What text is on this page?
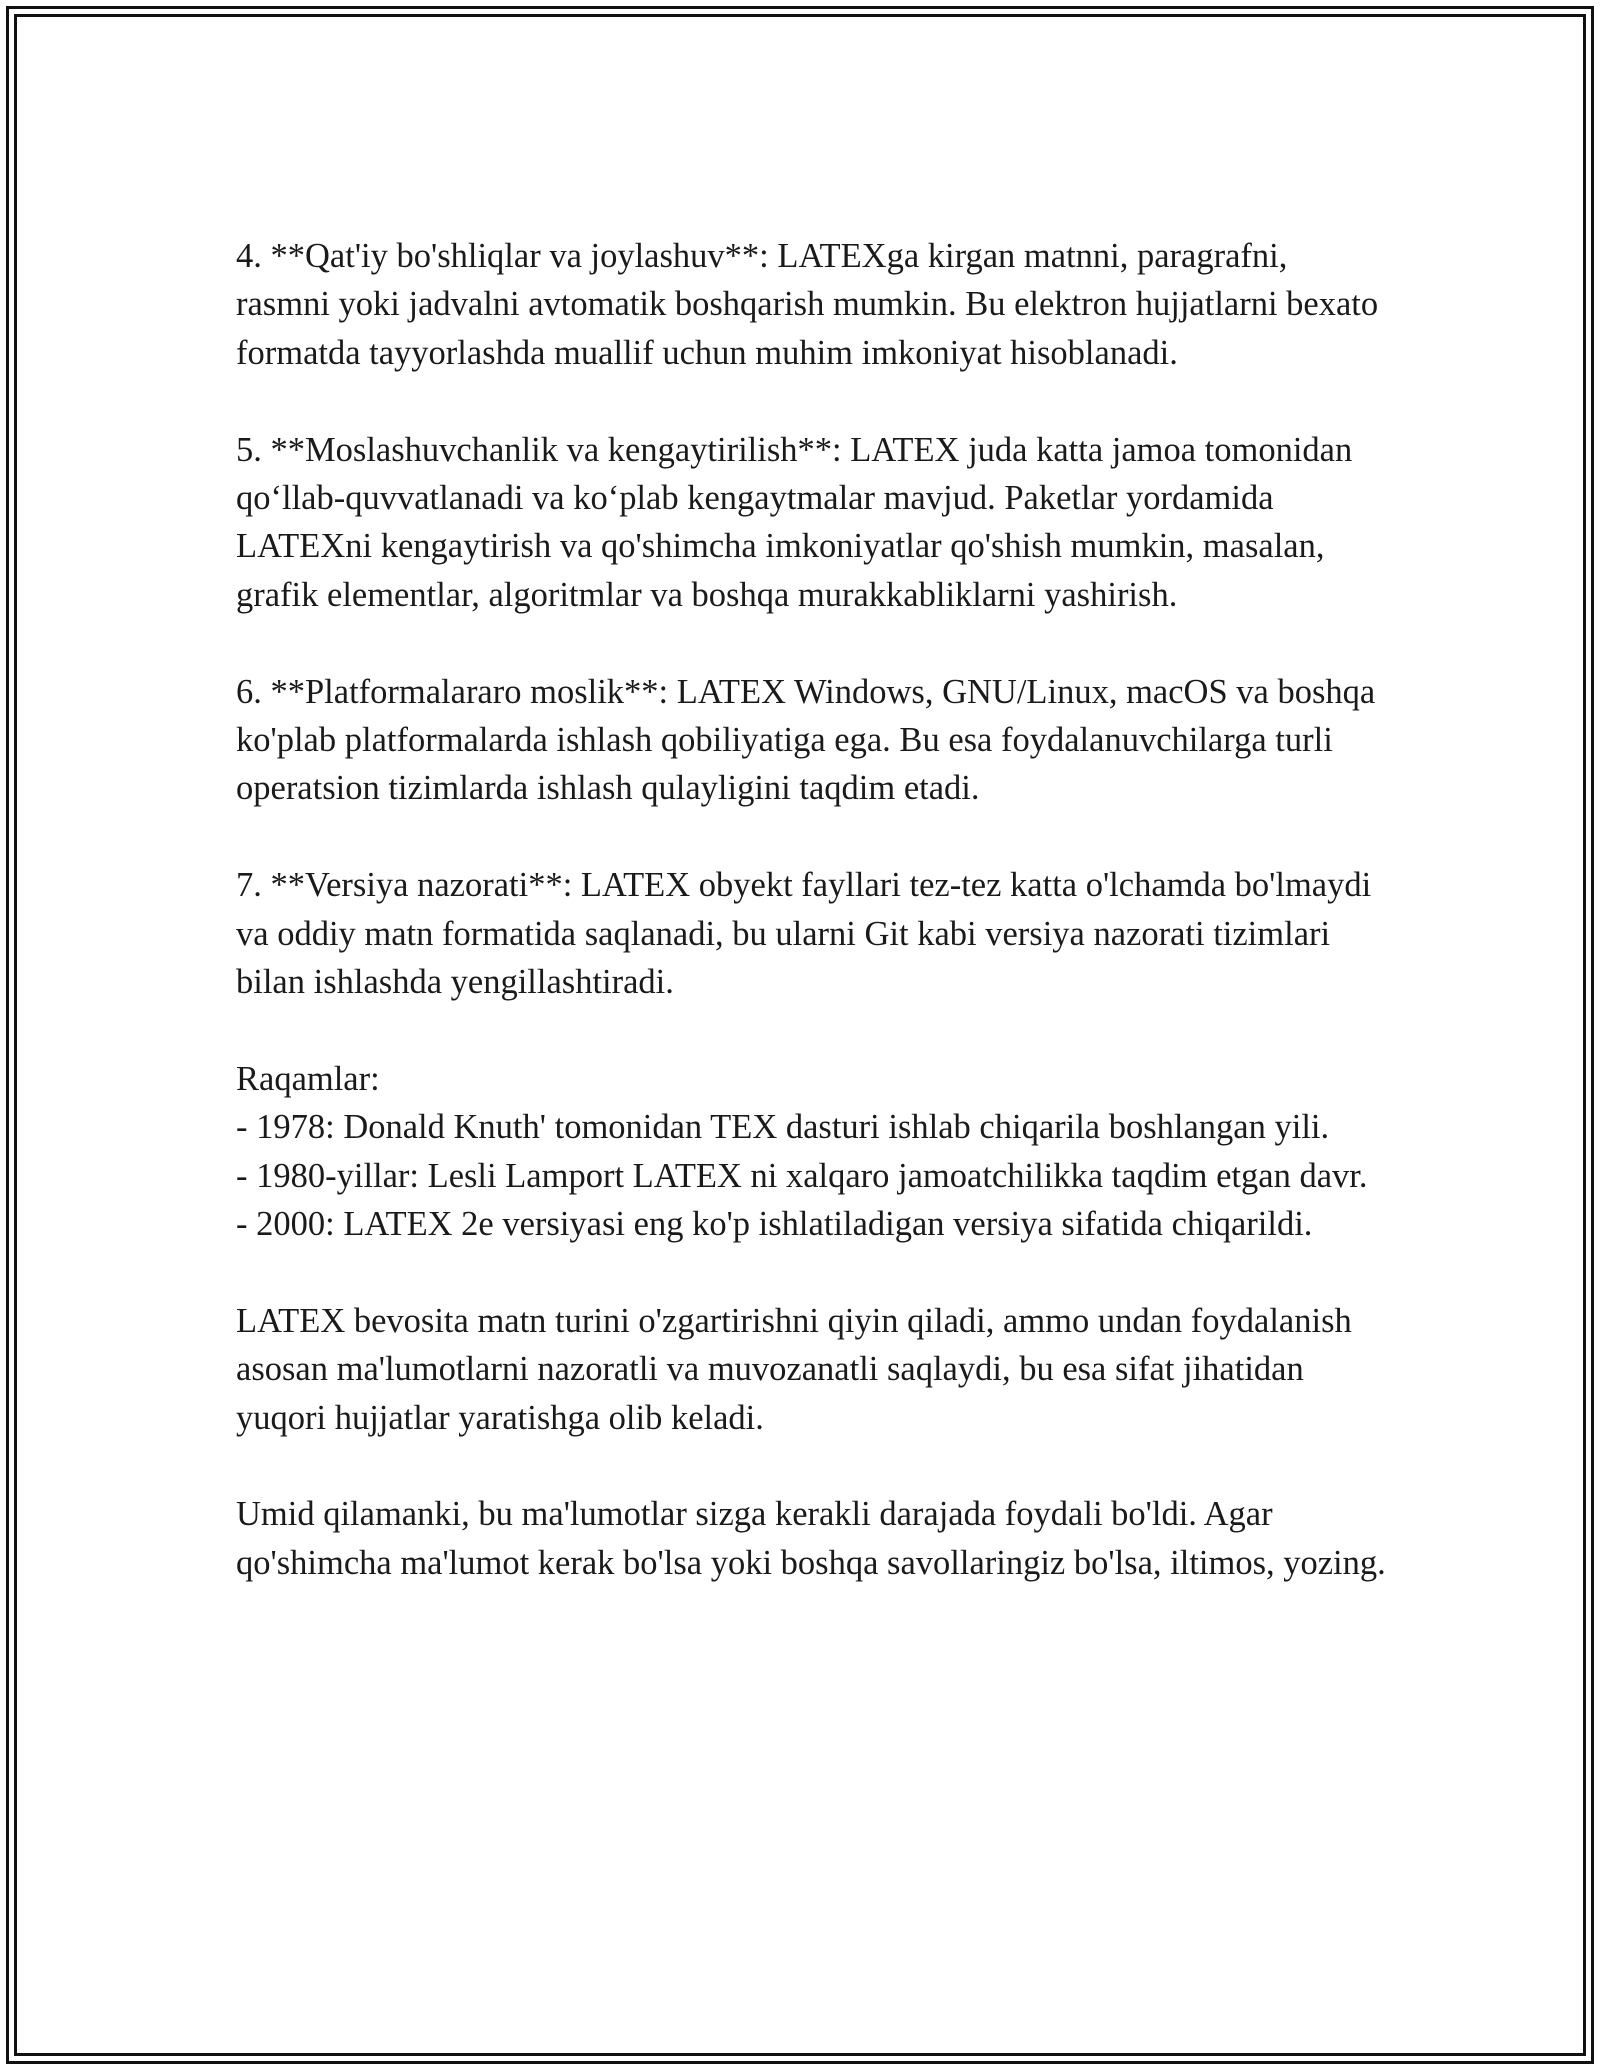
4. **Qat'iy bo'shliqlar va joylashuv**: LATEXga kirgan matnni, paragrafni, rasmni yoki jadvalni avtomatik boshqarish mumkin. Bu elektron hujjatlarni bexato formatda tayyorlashda muallif uchun muhim imkoniyat hisoblanadi.

5. **Moslashuvchanlik va kengaytirilish**: LATEX juda katta jamoa tomonidan qo‘llab-quvvatlanadi va ko‘plab kengaytmalar mavjud. Paketlar yordamida LATEXni kengaytirish va qo'shimcha imkoniyatlar qo'shish mumkin, masalan, grafik elementlar, algoritmlar va boshqa murakkabliklarni yashirish.

6. **Platformalararo moslik**: LATEX Windows, GNU/Linux, macOS va boshqa ko'plab platformalarda ishlash qobiliyatiga ega. Bu esa foydalanuvchilarga turli operatsion tizimlarda ishlash qulayligini taqdim etadi.

7. **Versiya nazorati**: LATEX obyekt fayllari tez-tez katta o'lchamda bo'lmaydi va oddiy matn formatida saqlanadi, bu ularni Git kabi versiya nazorati tizimlari bilan ishlashda yengillashtiradi.

Raqamlar:

- 1978: Donald Knuth' tomonidan TEX dasturi ishlab chiqarila boshlangan yili.

- 1980-yillar: Lesli Lamport LATEX ni xalqaro jamoatchilikka taqdim etgan davr.

- 2000: LATEX 2e versiyasi eng ko'p ishlatiladigan versiya sifatida chiqarildi.

LATEX bevosita matn turini o'zgartirishni qiyin qiladi, ammo undan foydalanish asosan ma'lumotlarni nazoratli va muvozanatli saqlaydi, bu esa sifat jihatidan yuqori hujjatlar yaratishga olib keladi.

Umid qilamanki, bu ma'lumotlar sizga kerakli darajada foydali bo'ldi. Agar qo'shimcha ma'lumot kerak bo'lsa yoki boshqa savollaringiz bo'lsa, iltimos, yozing.
